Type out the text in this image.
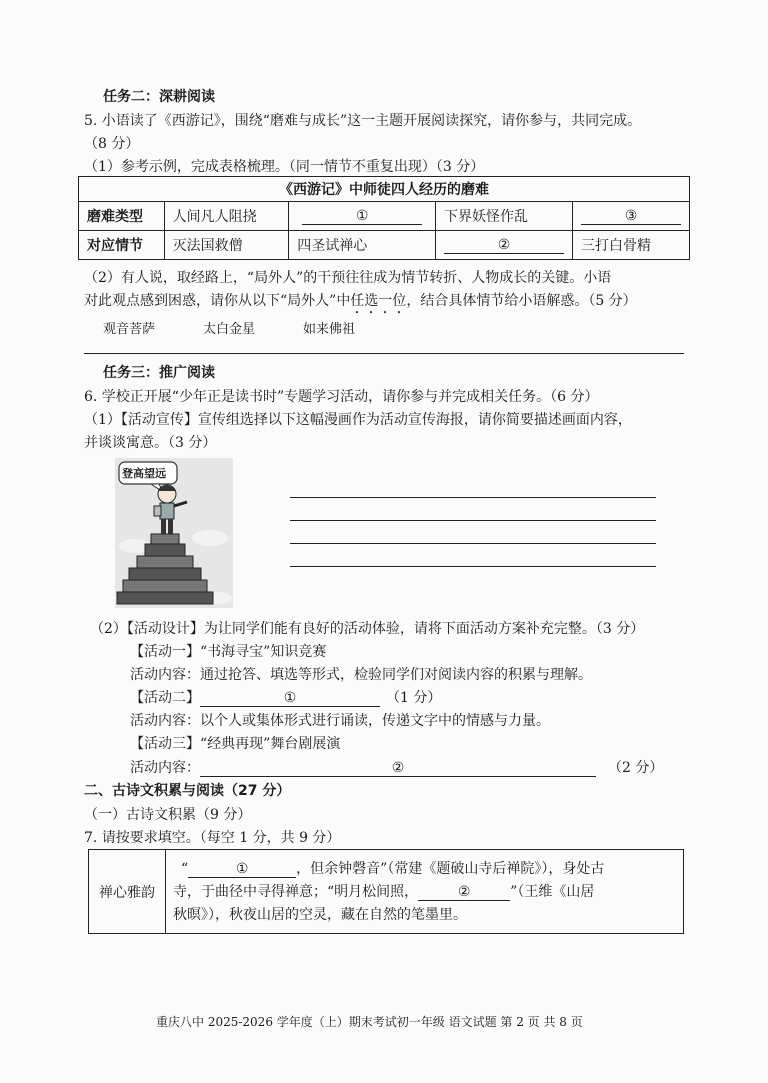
任务二：深耕阅读
5. 小语读了《西游记》，围绕“磨难与成长”这一主题开展阅读探究，请你参与，共同完成。
（8 分）
（1）参考示例，完成表格梳理。（同一情节不重复出现）（3 分）
《西游记》中师徒四人经历的磨难				
磨难类型	人间凡人阻挠	①	下界妖怪作乱	③
对应情节	灭法国救僧	四圣试禅心	②	三打白骨精
（2）有人说，取经路上，“局外人”的干预往往成为情节转折、人物成长的关键。小语
对此观点感到困惑，请你从以下“局外人”中任选一位，结合具体情节给小语解惑。（5 分）
观音菩萨	太白金星	如来佛祖
任务三：推广阅读
6. 学校正开展“少年正是读书时”专题学习活动，请你参与并完成相关任务。（6 分）
（1）【活动宣传】宣传组选择以下这幅漫画作为活动宣传海报，请你简要描述画面内容，
并谈谈寓意。（3 分）
登高望远
（2）【活动设计】为让同学们能有良好的活动体验，请将下面活动方案补充完整。（3 分）
【活动一】“书海寻宝”知识竞赛
活动内容：通过抢答、填选等形式，检验同学们对阅读内容的积累与理解。
【活动二】	①	（1 分）
活动内容：以个人或集体形式进行诵读，传递文字中的情感与力量。
【活动三】“经典再现”舞台剧展演
活动内容：	②	（2 分）
二、古诗文积累与阅读（27 分）
（一）古诗文积累（9 分）
7. 请按要求填空。（每空 1 分，共 9 分）
禅心雅韵
“	①	，但余钟磬音”（常建《题破山寺后禅院》），身处古
寺，于曲径中寻得禅意；“明月松间照，	②	”（王维《山居
秋暝》），秋夜山居的空灵，藏在自然的笔墨里。
重庆八中 2025-2026 学年度（上）期末考试初一年级 语文试题 第 2 页 共 8 页
